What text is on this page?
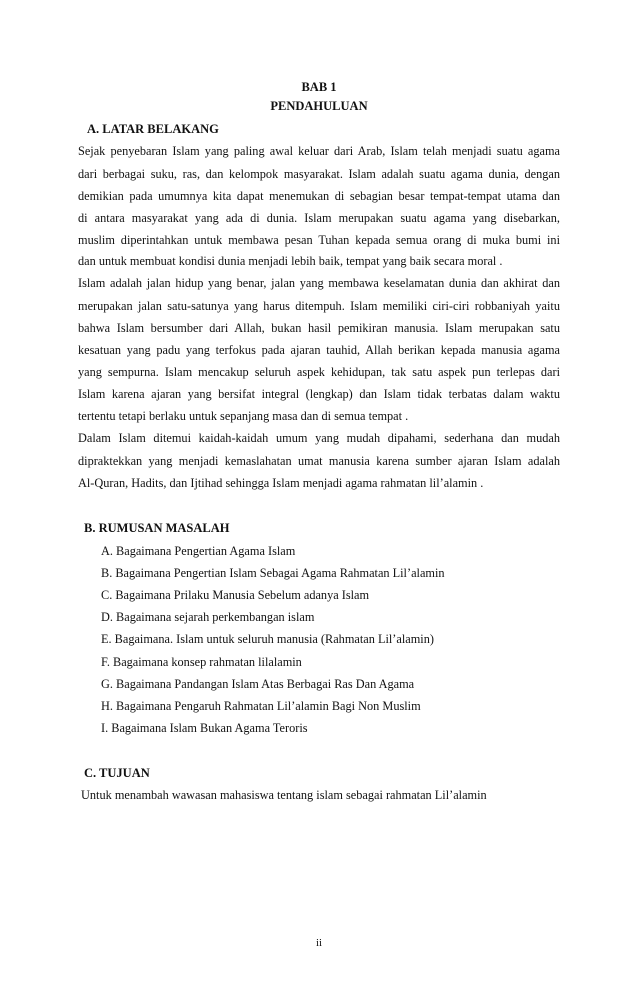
BAB 1
PENDAHULUAN
A. LATAR BELAKANG
Sejak penyebaran Islam yang paling awal keluar dari Arab, Islam telah menjadi suatu agama
dari berbagai suku, ras, dan kelompok masyarakat. Islam adalah suatu agama dunia, dengan
demikian pada umumnya kita dapat menemukan di sebagian besar tempat-tempat utama dan
di antara masyarakat yang ada di dunia. Islam merupakan suatu agama yang disebarkan,
muslim diperintahkan untuk membawa pesan Tuhan kepada semua orang di muka bumi ini
dan untuk membuat kondisi dunia menjadi lebih baik, tempat yang baik secara moral .
Islam adalah jalan hidup yang benar, jalan yang membawa keselamatan dunia dan akhirat dan
merupakan jalan satu-satunya yang harus ditempuh. Islam memiliki ciri-ciri robbaniyah yaitu
bahwa Islam bersumber dari Allah, bukan hasil pemikiran manusia. Islam merupakan satu
kesatuan yang padu yang terfokus pada ajaran tauhid, Allah berikan kepada manusia agama
yang sempurna. Islam mencakup seluruh aspek kehidupan, tak satu aspek pun terlepas dari
Islam karena ajaran yang bersifat integral (lengkap) dan Islam tidak terbatas dalam waktu
tertentu tetapi berlaku untuk sepanjang masa dan di semua tempat .
Dalam Islam ditemui kaidah-kaidah umum yang mudah dipahami, sederhana dan mudah
dipraktekkan yang menjadi kemaslahatan umat manusia karena sumber ajaran Islam adalah
Al-Quran, Hadits, dan Ijtihad sehingga Islam menjadi agama rahmatan lil’alamin .
B. RUMUSAN MASALAH
A. Bagaimana Pengertian Agama Islam
B. Bagaimana Pengertian Islam Sebagai Agama Rahmatan Lil’alamin
C. Bagaimana Prilaku Manusia Sebelum adanya Islam
D. Bagaimana sejarah perkembangan islam
E. Bagaimana. Islam untuk seluruh manusia (Rahmatan Lil’alamin)
F. Bagaimana konsep rahmatan lilalamin
G. Bagaimana Pandangan Islam Atas Berbagai Ras Dan Agama
H. Bagaimana Pengaruh Rahmatan Lil’alamin Bagi Non Muslim
I. Bagaimana Islam Bukan Agama Teroris
C. TUJUAN
Untuk menambah wawasan mahasiswa tentang islam sebagai rahmatan Lil’alamin
ii
